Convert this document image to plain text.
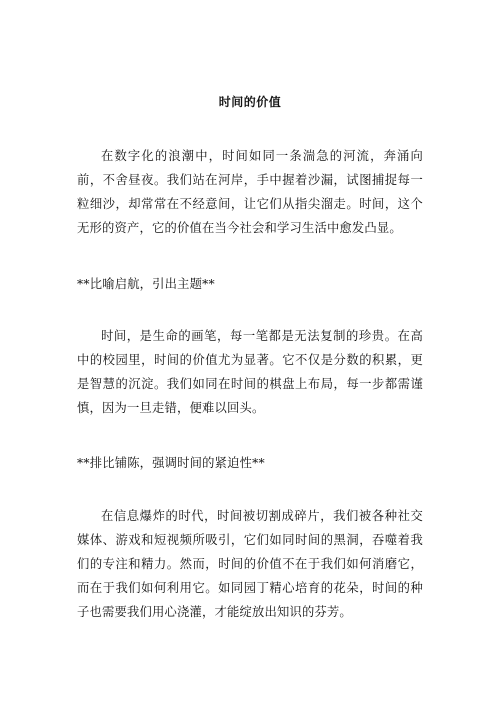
时间的价值

在数字化的浪潮中，时间如同一条湍急的河流，奔涌向前，不舍昼夜。我们站在河岸，手中握着沙漏，试图捕捉每一粒细沙，却常常在不经意间，让它们从指尖溜走。时间，这个无形的资产，它的价值在当今社会和学习生活中愈发凸显。

**比喻启航，引出主题**

时间，是生命的画笔，每一笔都是无法复制的珍贵。在高中的校园里，时间的价值尤为显著。它不仅是分数的积累，更是智慧的沉淀。我们如同在时间的棋盘上布局，每一步都需谨慎，因为一旦走错，便难以回头。

**排比铺陈，强调时间的紧迫性**

在信息爆炸的时代，时间被切割成碎片，我们被各种社交媒体、游戏和短视频所吸引，它们如同时间的黑洞，吞噬着我们的专注和精力。然而，时间的价值不在于我们如何消磨它，而在于我们如何利用它。如同园丁精心培育的花朵，时间的种子也需要我们用心浇灌，才能绽放出知识的芬芳。
